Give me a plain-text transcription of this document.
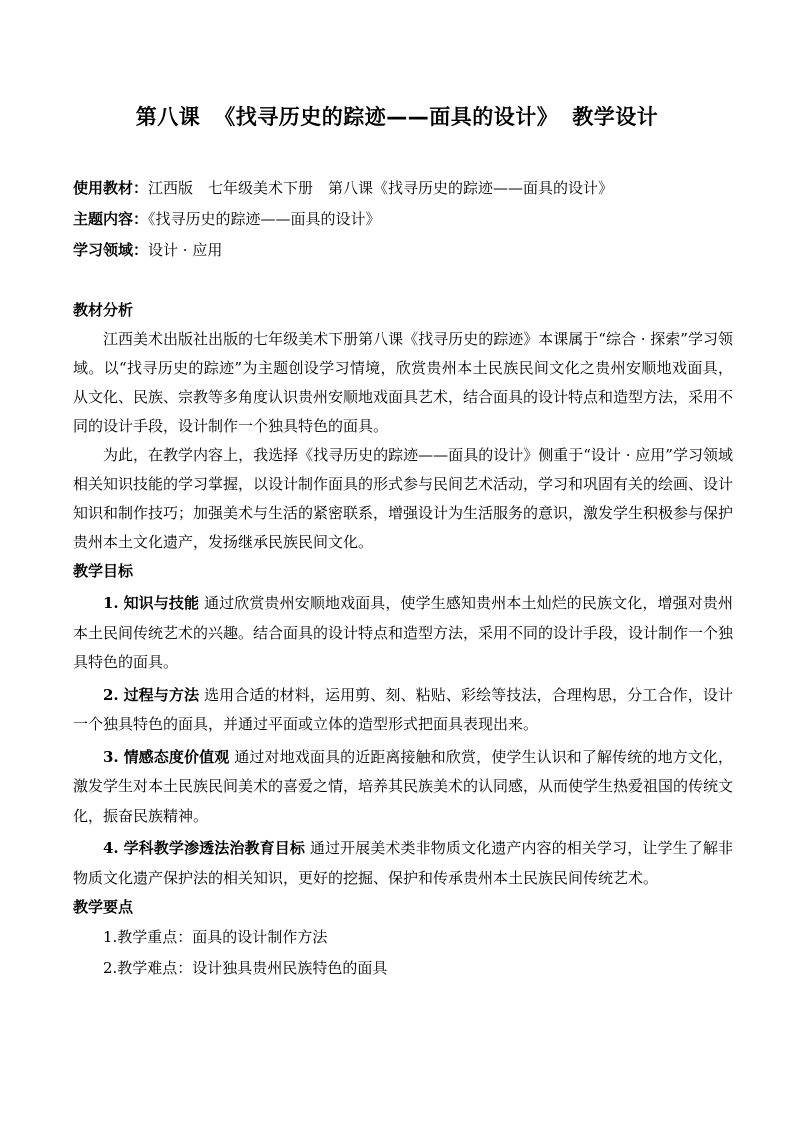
第八课 《找寻历史的踪迹——面具的设计》 教学设计
使用教材：江西版　七年级美术下册　第八课《找寻历史的踪迹——面具的设计》
主题内容：《找寻历史的踪迹——面具的设计》
学习领域：设计 · 应用
教材分析
江西美术出版社出版的七年级美术下册第八课《找寻历史的踪迹》本课属于“综合 · 探索”学习领域。以“找寻历史的踪迹”为主题创设学习情境，欣赏贵州本土民族民间文化之贵州安顺地戏面具，从文化、民族、宗教等多角度认识贵州安顺地戏面具艺术，结合面具的设计特点和造型方法，采用不同的设计手段，设计制作一个独具特色的面具。
为此，在教学内容上，我选择《找寻历史的踪迹——面具的设计》侧重于“设计 · 应用”学习领域相关知识技能的学习掌握，以设计制作面具的形式参与民间艺术活动，学习和巩固有关的绘画、设计知识和制作技巧；加强美术与生活的紧密联系，增强设计为生活服务的意识，激发学生积极参与保护贵州本土文化遗产，发扬继承民族民间文化。
教学目标
1. 知识与技能 通过欣赏贵州安顺地戏面具，使学生感知贵州本土灿烂的民族文化，增强对贵州本土民间传统艺术的兴趣。结合面具的设计特点和造型方法，采用不同的设计手段，设计制作一个独具特色的面具。
2. 过程与方法 选用合适的材料，运用剪、刻、粘贴、彩绘等技法，合理构思，分工合作，设计一个独具特色的面具，并通过平面或立体的造型形式把面具表现出来。
3. 情感态度价值观 通过对地戏面具的近距离接触和欣赏，使学生认识和了解传统的地方文化，激发学生对本土民族民间美术的喜爱之情，培养其民族美术的认同感，从而使学生热爱祖国的传统文化，振奋民族精神。
4. 学科教学渗透法治教育目标 通过开展美术类非物质文化遗产内容的相关学习，让学生了解非物质文化遗产保护法的相关知识，更好的挖掘、保护和传承贵州本土民族民间传统艺术。
教学要点
1.教学重点：面具的设计制作方法
2.教学难点：设计独具贵州民族特色的面具
